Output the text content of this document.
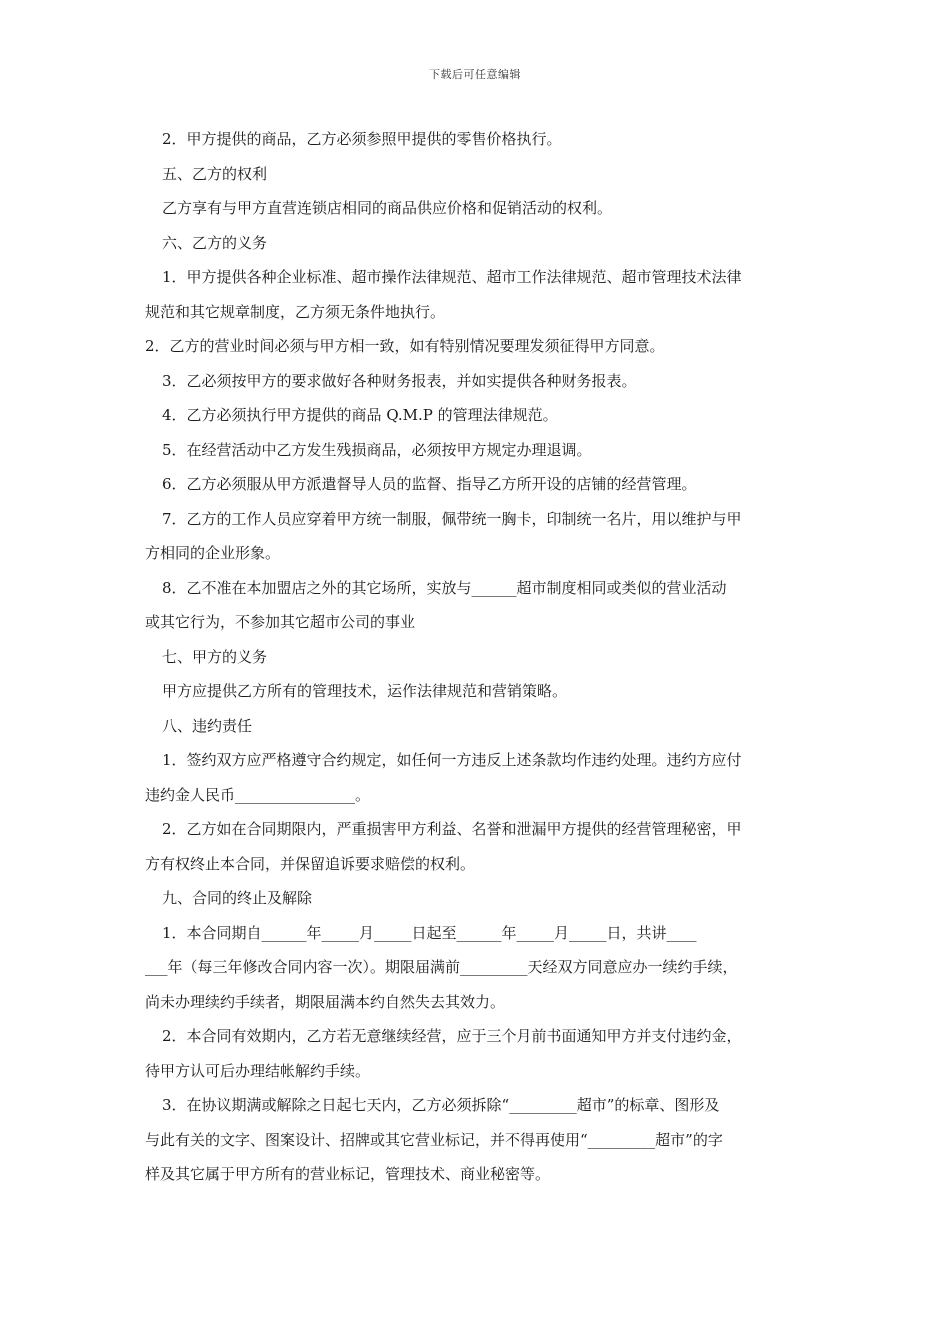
下载后可任意编辑
2．甲方提供的商品，乙方必须参照甲提供的零售价格执行。
五、乙方的权利
乙方享有与甲方直营连锁店相同的商品供应价格和促销活动的权利。
六、乙方的义务
1．甲方提供各种企业标准、超市操作法律规范、超市工作法律规范、超市管理技术法律
规范和其它规章制度，乙方须无条件地执行。
2．乙方的营业时间必须与甲方相一致，如有特别情况要理发须征得甲方同意。
3．乙必须按甲方的要求做好各种财务报表，并如实提供各种财务报表。
4．乙方必须执行甲方提供的商品 Q.M.P 的管理法律规范。
5．在经营活动中乙方发生残损商品，必须按甲方规定办理退调。
6．乙方必须服从甲方派遣督导人员的监督、指导乙方所开设的店铺的经营管理。
7．乙方的工作人员应穿着甲方统一制服，佩带统一胸卡，印制统一名片，用以维护与甲
方相同的企业形象。
8．乙不准在本加盟店之外的其它场所，实放与______超市制度相同或类似的营业活动
或其它行为，不参加其它超市公司的事业
七、甲方的义务
甲方应提供乙方所有的管理技术，运作法律规范和营销策略。
八、违约责任
1．签约双方应严格遵守合约规定，如任何一方违反上述条款均作违约处理。违约方应付
违约金人民币________________。
2．乙方如在合同期限内，严重损害甲方利益、名誉和泄漏甲方提供的经营管理秘密，甲
方有权终止本合同，并保留追诉要求赔偿的权利。
九、合同的终止及解除
1．本合同期自______年_____月_____日起至______年_____月_____日，共讲____
___年（每三年修改合同内容一次）。期限届满前_________天经双方同意应办一续约手续，
尚未办理续约手续者，期限届满本约自然失去其效力。
2．本合同有效期内，乙方若无意继续经营，应于三个月前书面通知甲方并支付违约金，
待甲方认可后办理结帐解约手续。
3．在协议期满或解除之日起七天内，乙方必须拆除“_________超市”的标章、图形及
与此有关的文字、图案设计、招牌或其它营业标记，并不得再使用“_________超市”的字
样及其它属于甲方所有的营业标记，管理技术、商业秘密等。
